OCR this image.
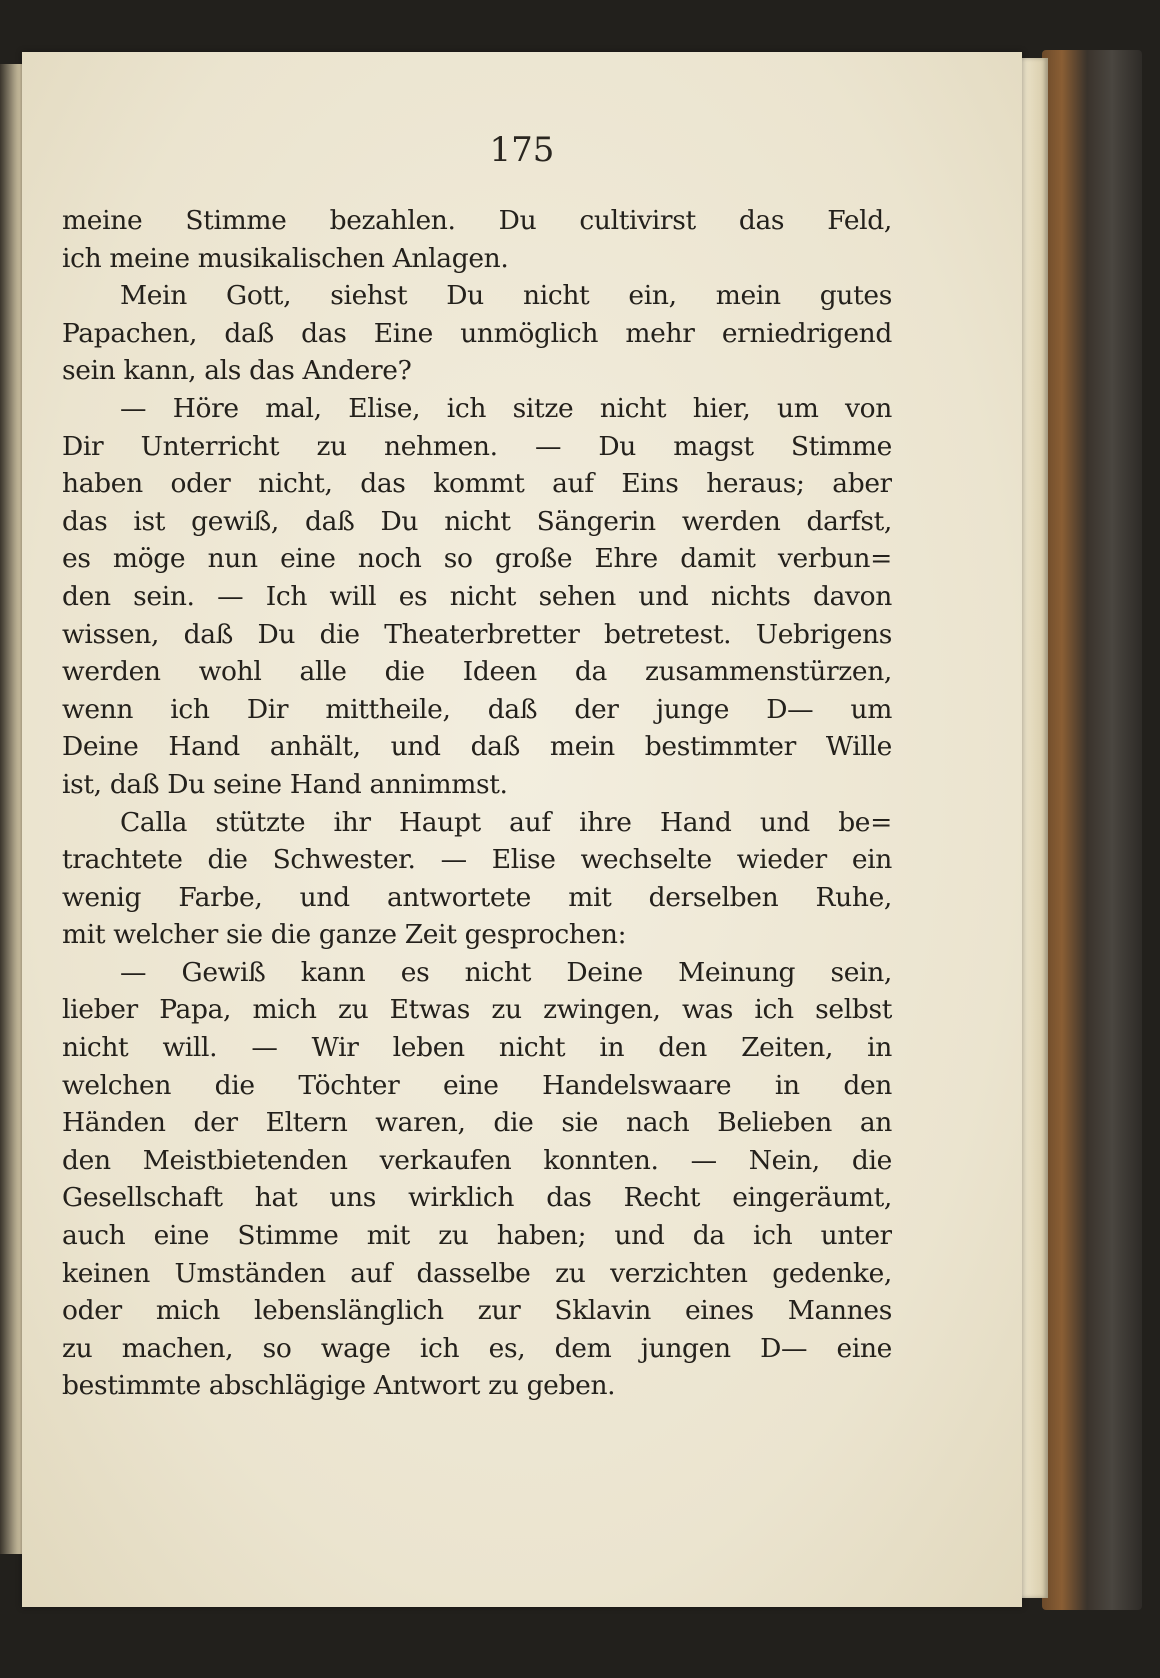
175
meine Stimme bezahlen. Du cultivirst das Feld,
ich meine musikalischen Anlagen.
Mein Gott, siehst Du nicht ein, mein gutes
Papachen, daß das Eine unmöglich mehr erniedrigend
sein kann, als das Andere?
— Höre mal, Elise, ich sitze nicht hier, um von
Dir Unterricht zu nehmen. — Du magst Stimme
haben oder nicht, das kommt auf Eins heraus; aber
das ist gewiß, daß Du nicht Sängerin werden darfst,
es möge nun eine noch so große Ehre damit verbun=
den sein. — Ich will es nicht sehen und nichts davon
wissen, daß Du die Theaterbretter betretest. Uebrigens
werden wohl alle die Ideen da zusammenstürzen,
wenn ich Dir mittheile, daß der junge D— um
Deine Hand anhält, und daß mein bestimmter Wille
ist, daß Du seine Hand annimmst.
Calla stützte ihr Haupt auf ihre Hand und be=
trachtete die Schwester. — Elise wechselte wieder ein
wenig Farbe, und antwortete mit derselben Ruhe,
mit welcher sie die ganze Zeit gesprochen:
— Gewiß kann es nicht Deine Meinung sein,
lieber Papa, mich zu Etwas zu zwingen, was ich selbst
nicht will. — Wir leben nicht in den Zeiten, in
welchen die Töchter eine Handelswaare in den
Händen der Eltern waren, die sie nach Belieben an
den Meistbietenden verkaufen konnten. — Nein, die
Gesellschaft hat uns wirklich das Recht eingeräumt,
auch eine Stimme mit zu haben; und da ich unter
keinen Umständen auf dasselbe zu verzichten gedenke,
oder mich lebenslänglich zur Sklavin eines Mannes
zu machen, so wage ich es, dem jungen D— eine
bestimmte abschlägige Antwort zu geben.
